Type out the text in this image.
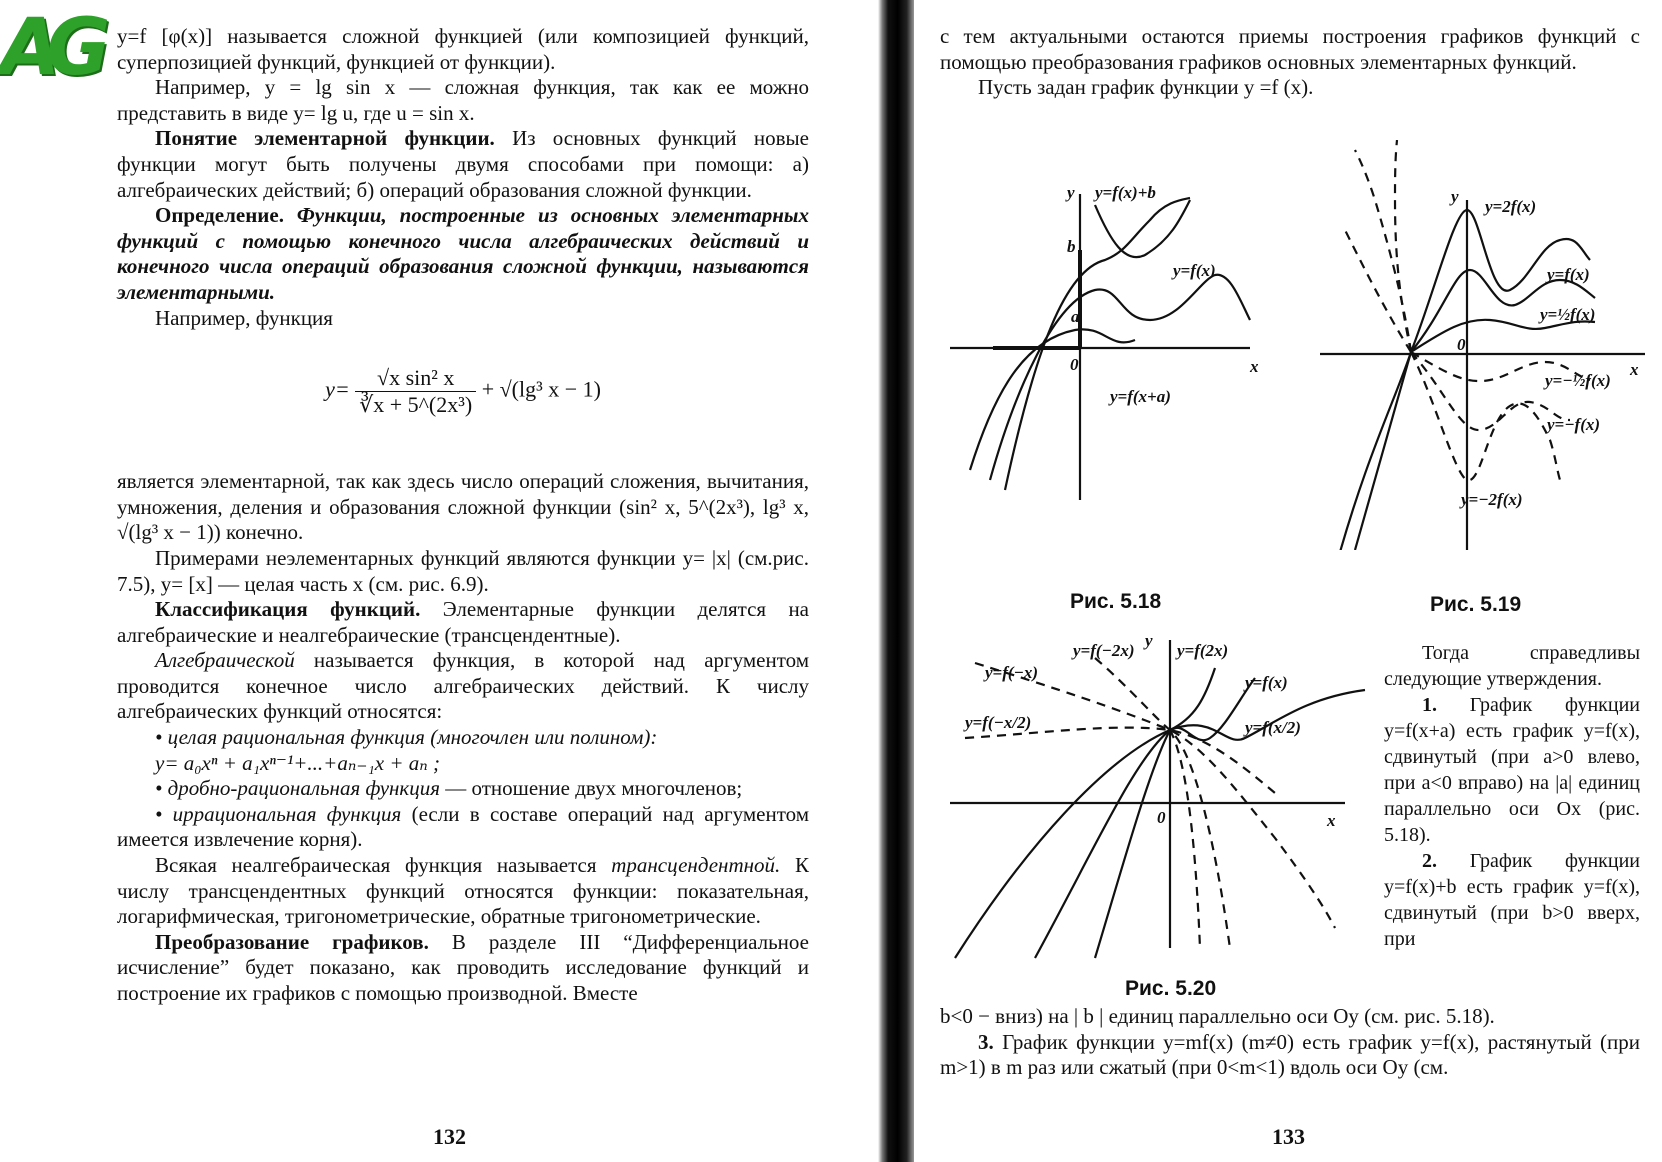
AG y=f [φ(x)] называется сложной функцией (или композицией функций, суперпозицией функций, функцией от функции).

Например, y = lg sin x — сложная функция, так как ее можно представить в виде y= lg u, где u = sin x.

Понятие элементарной функции. Из основных функций новые функции могут быть получены двумя способами при помощи: а) алгебраических действий; б) операций образования сложной функции.

Определение. Функции, построенные из основных элементарных функций с помощью конечного числа алгебраических действий и конечного числа операций образования сложной функции, называются элементарными.

Например, функция

$y= \frac{\text{√x sin² x}}{\text{∛x + 5\textasciicircum{}(2x³)}} + √(\lg^3$ x − 1)

является элементарной, так как здесь число операций сложения, вычитания, умножения, деления и образования сложной функции (sin² x, 5^(2x³), lg³ x, √(lg³ x − 1)) конечно.

Примерами неэлементарных функций являются функции y= |x| (см.рис. 7.5), y= [x] — целая часть x (см. рис. 6.9).

Классификация функций. Элементарные функции делятся на алгебраические и неалгебраические (трансцендентные).

Алгебраической называется функция, в которой над аргументом проводится конечное число алгебраических действий. К числу алгебраических функций относятся:

• целая рациональная функция (многочлен или полином):

y= a₀xⁿ + a₁xⁿ⁻¹+...+aₙ₋₁x + aₙ ;

• дробно-рациональная функция — отношение двух многочленов;

• иррациональная функция (если в составе операций над аргументом имеется извлечение корня).

Всякая неалгебраическая функция называется трансцендентной. К числу трансцендентных функций относятся функции: показательная, логарифмическая, тригонометрические, обратные тригонометрические.

Преобразование графиков. В разделе III “Дифференциальное исчисление” будет показано, как проводить исследование функций и построение их графиков с помощью производной. Вместе

132

с тем актуальными остаются приемы построения графиков функций с помощью преобразования графиков основных элементарных функций.

Пусть задан график функции y =f (x).

y y=f(x)+b
b
a
y=f(x)
0	x
y=f(x+a)
Рис. 5.18
y
y=2f(x)
y=f(x)
y=½f(x)
0
x
y=−½f(x)
y=−f(x)
y=−2f(x)
Рис. 5.19
y
y=f(−2x) y=f(2x)
y=f(−x)
y=f(x)
y=f(−x/2)	y=f(x/2)
0	x
Рис. 5.20

Тогда справедливы следующие утверждения.

1. График функции y=f(x+a) есть график y=f(x), сдвинутый (при a>0 влево, при a<0 вправо) на |a| единиц параллельно оси Ox (рис. 5.18).

2. График функции y=f(x)+b есть график y=f(x), сдвинутый (при b>0 вверх, при

b<0 − вниз) на | b | единиц параллельно оси Oy (см. рис. 5.18).

3. График функции y=mf(x) (m≠0) есть график y=f(x), растянутый (при m>1) в m раз или сжатый (при 0<m<1) вдоль оси Oy (см.

133
